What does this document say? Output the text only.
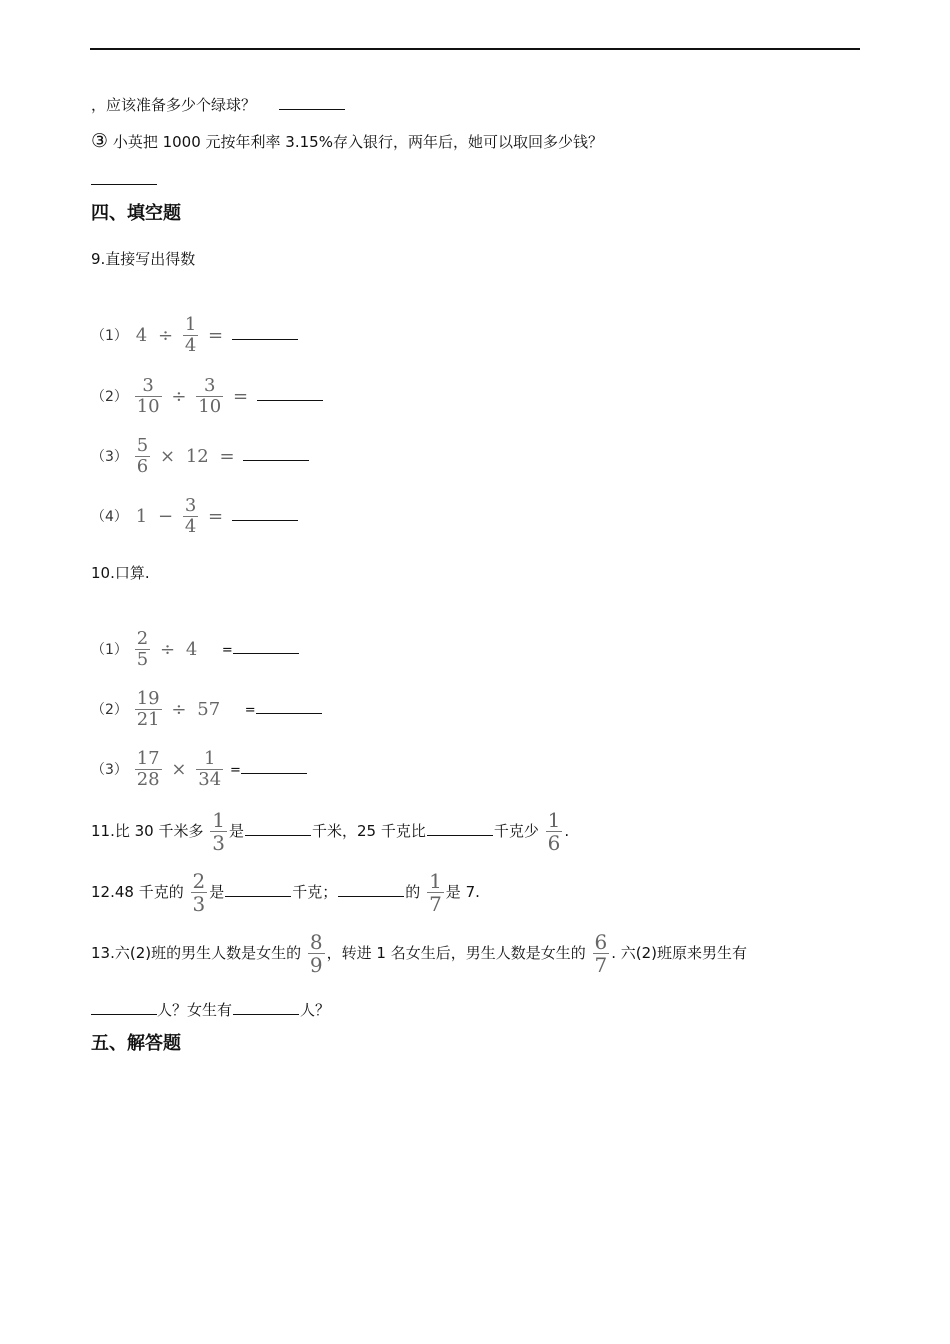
，应该准备多少个绿球？
③ 小英把 1000 元按年利率 3.15%存入银行，两年后，她可以取回多少钱？
四、填空题
9.直接写出得数
（1） $4 \div \frac{1}{4}$ =
$(2) \frac{3}{10} \div \frac{3}{10}$ =
$(3) \frac{5}{6} \times 12$ =
（4） $1 - \frac{3}{4}$ =
10.口算.
$(1) \frac{2}{5} \div 4$ =
$(2) \frac{19}{21} \div 57$ =
$(3) \frac{17}{28} \times \frac{1}{34}$ =
11.比 30 千米多 $\frac{1}{3}$ 是	千米，25 千克比	千克少 $\frac{1}{6}$ .
12.48 千克的 $\frac{2}{3}$ 是	千克；	的 $\frac{1}{7}$ 是 7.
13.六(2)班的男生人数是女生的 $\frac{8}{9}$ ，转进 1 名女生后，男生人数是女生的 $\frac{6}{7}$ . 六(2)班原来男生有
人？女生有	人？
五、解答题
